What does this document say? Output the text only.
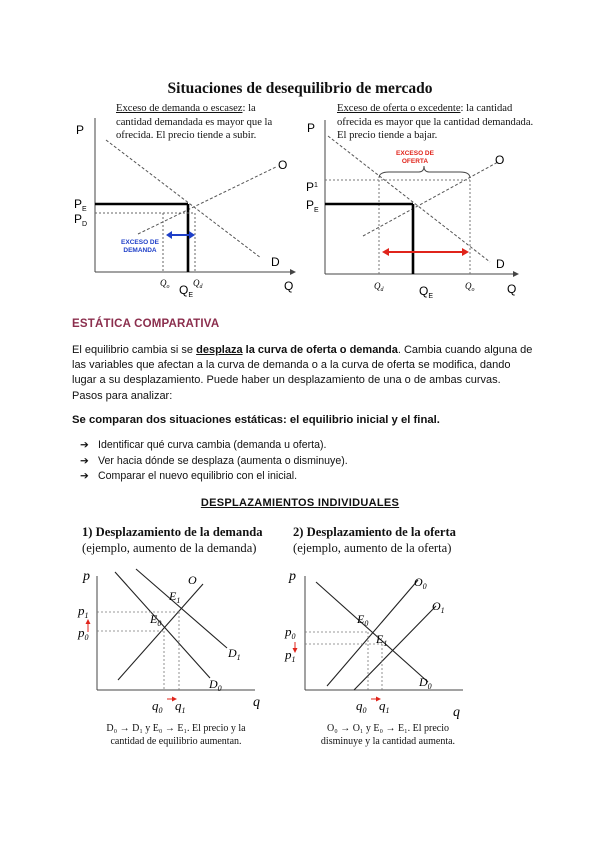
Situaciones de desequilibrio de mercado
Exceso de demanda o escasez: la cantidad demandada es mayor que la ofrecida. El precio tiende a subir.
P
Q
O
D
$P_E$
$P_D$
$Q_E$
$Q_o$	$Q_d$
EXCESO DE
DEMANDA
Exceso de oferta o excedente: la cantidad ofrecida es mayor que la cantidad demandada. El precio tiende a bajar.
P
Q
O
D
$P^1$
$P_E$
$Q_E$
$Q_d$	$Q_o$
EXCESO DE
OFERTA
ESTÁTICA COMPARATIVA
El equilibrio cambia si se desplaza la curva de oferta o demanda. Cambia cuando alguna de las variables que afectan a la curva de demanda o a la curva de oferta se modifica, dando lugar a su desplazamiento. Puede haber un desplazamiento de una o de ambas curvas. Pasos para analizar:
Se comparan dos situaciones estáticas: el equilibrio inicial y el final.
➔ Identificar qué curva cambia (demanda u oferta).
➔ Ver hacia dónde se desplaza (aumenta o disminuye).
➔ Comparar el nuevo equilibrio con el inicial.
DESPLAZAMIENTOS INDIVIDUALES
1) Desplazamiento de la demanda
(ejemplo, aumento de la demanda)
p
q
O
$D_1$
$D_0$
$E_1$
$E_0$
$p_1$
$p_0$
$q_0$ $q_1$
D₀ → D₁ y E₀ → E₁. El precio y la
cantidad de equilibrio aumentan.
2) Desplazamiento de la oferta
(ejemplo, aumento de la oferta)
p
q
$O_0$
$O_1$
$D_0$
$E_0$
$E_1$
$p_0$
$p_1$
$q_0$ $q_1$
O₀ → O₁ y E₀ → E₁. El precio
disminuye y la cantidad aumenta.
